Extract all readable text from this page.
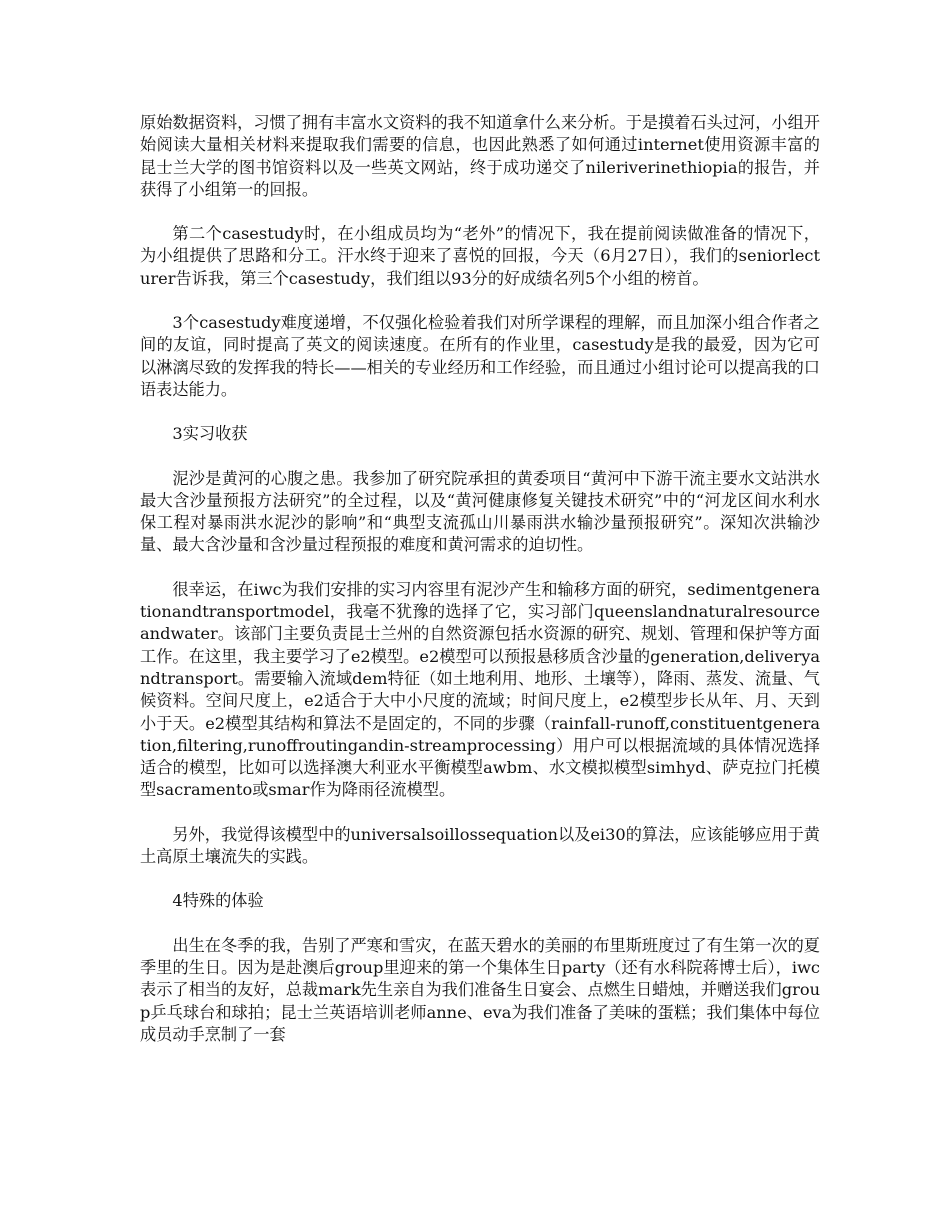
原始数据资料，习惯了拥有丰富水文资料的我不知道拿什么来分析。于是摸着石头过河，小组开始阅读大量相关材料来提取我们需要的信息，也因此熟悉了如何通过internet使用资源丰富的昆士兰大学的图书馆资料以及一些英文网站，终于成功递交了nileriverinethiopia的报告，并获得了小组第一的回报。

第二个casestudy时，在小组成员均为“老外”的情况下，我在提前阅读做准备的情况下，为小组提供了思路和分工。汗水终于迎来了喜悦的回报，今天（6月27日），我们的seniorlecturer告诉我，第三个casestudy，我们组以93分的好成绩名列5个小组的榜首。

3个casestudy难度递增，不仅强化检验着我们对所学课程的理解，而且加深小组合作者之间的友谊，同时提高了英文的阅读速度。在所有的作业里，casestudy是我的最爱，因为它可以淋漓尽致的发挥我的特长——相关的专业经历和工作经验，而且通过小组讨论可以提高我的口语表达能力。

3实习收获

泥沙是黄河的心腹之患。我参加了研究院承担的黄委项目“黄河中下游干流主要水文站洪水最大含沙量预报方法研究”的全过程，以及“黄河健康修复关键技术研究”中的“河龙区间水利水保工程对暴雨洪水泥沙的影响”和“典型支流孤山川暴雨洪水输沙量预报研究”。深知次洪输沙量、最大含沙量和含沙量过程预报的难度和黄河需求的迫切性。

很幸运，在iwc为我们安排的实习内容里有泥沙产生和输移方面的研究，sedimentgenerationandtransportmodel，我毫不犹豫的选择了它，实习部门queenslandnaturalresourceandwater。该部门主要负责昆士兰州的自然资源包括水资源的研究、规划、管理和保护等方面工作。在这里，我主要学习了e2模型。e2模型可以预报悬移质含沙量的generation,deliveryandtransport。需要输入流域dem特征（如土地利用、地形、土壤等），降雨、蒸发、流量、气候资料。空间尺度上，e2适合于大中小尺度的流域；时间尺度上，e2模型步长从年、月、天到小于天。e2模型其结构和算法不是固定的，不同的步骤（rainfall-runoff,constituentgeneration,filtering,runoffroutingandin-streamprocessing）用户可以根据流域的具体情况选择适合的模型，比如可以选择澳大利亚水平衡模型awbm、水文模拟模型simhyd、萨克拉门托模型sacramento或smar作为降雨径流模型。

另外，我觉得该模型中的universalsoillossequation以及ei30的算法，应该能够应用于黄土高原土壤流失的实践。

4特殊的体验

出生在冬季的我，告别了严寒和雪灾，在蓝天碧水的美丽的布里斯班度过了有生第一次的夏季里的生日。因为是赴澳后group里迎来的第一个集体生日party（还有水科院蒋博士后），iwc表示了相当的友好，总裁mark先生亲自为我们准备生日宴会、点燃生日蜡烛，并赠送我们group乒乓球台和球拍；昆士兰英语培训老师anne、eva为我们准备了美味的蛋糕；我们集体中每位成员动手烹制了一套
